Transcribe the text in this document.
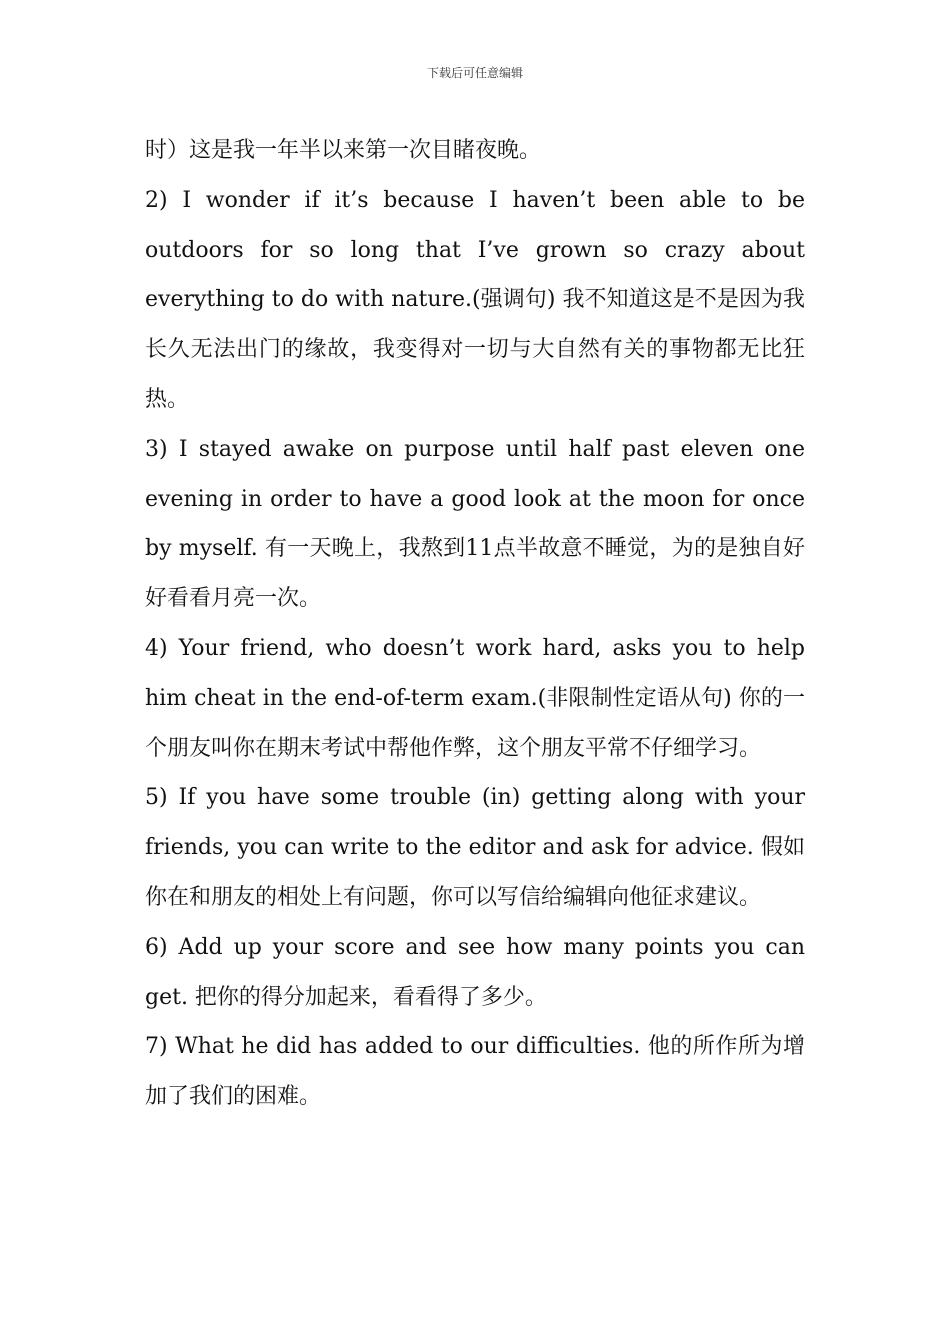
下载后可任意编辑

时）这是我一年半以来第一次目睹夜晚。

2) I wonder if it’s because I haven’t been able to be outdoors for so long that I’ve grown so crazy about everything to do with nature.(强调句) 我不知道这是不是因为我长久无法出门的缘故，我变得对一切与大自然有关的事物都无比狂热。

3) I stayed awake on purpose until half past eleven one evening in order to have a good look at the moon for once by myself. 有一天晚上，我熬到11点半故意不睡觉，为的是独自好好看看月亮一次。

4) Your friend, who doesn’t work hard, asks you to help him cheat in the end-of-term exam.(非限制性定语从句) 你的一个朋友叫你在期末考试中帮他作弊，这个朋友平常不仔细学习。

5) If you have some trouble (in) getting along with your friends, you can write to the editor and ask for advice. 假如你在和朋友的相处上有问题，你可以写信给编辑向他征求建议。

6) Add up your score and see how many points you can get. 把你的得分加起来，看看得了多少。

7) What he did has added to our difficulties. 他的所作所为增加了我们的困难。
